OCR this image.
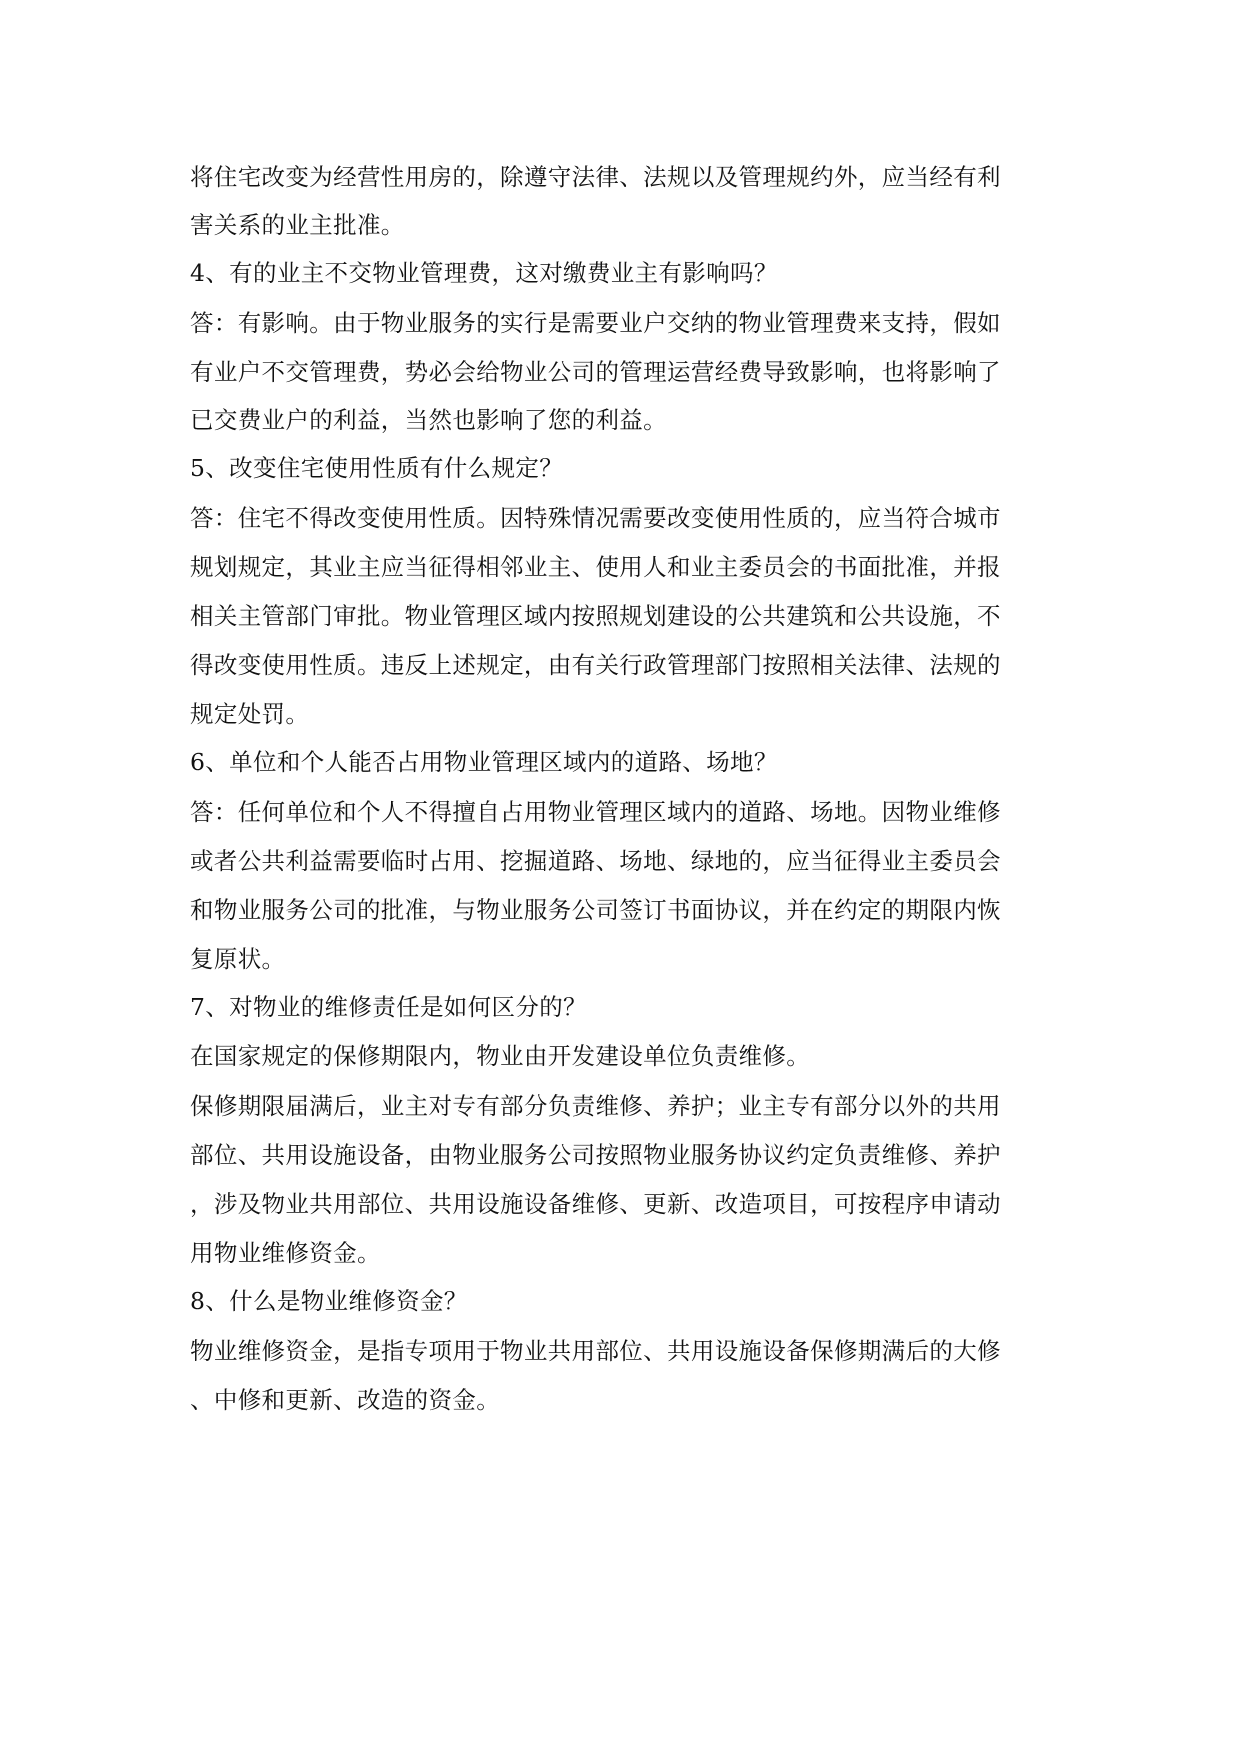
将住宅改变为经营性用房的，除遵守法律、法规以及管理规约外，应当经有利
害关系的业主批准。
4、有的业主不交物业管理费，这对缴费业主有影响吗？
答：有影响。由于物业服务的实行是需要业户交纳的物业管理费来支持，假如
有业户不交管理费，势必会给物业公司的管理运营经费导致影响，也将影响了
已交费业户的利益，当然也影响了您的利益。
5、改变住宅使用性质有什么规定？
答：住宅不得改变使用性质。因特殊情况需要改变使用性质的，应当符合城市
规划规定，其业主应当征得相邻业主、使用人和业主委员会的书面批准，并报
相关主管部门审批。物业管理区域内按照规划建设的公共建筑和公共设施，不
得改变使用性质。违反上述规定，由有关行政管理部门按照相关法律、法规的
规定处罚。
6、单位和个人能否占用物业管理区域内的道路、场地？
答：任何单位和个人不得擅自占用物业管理区域内的道路、场地。因物业维修
或者公共利益需要临时占用、挖掘道路、场地、绿地的，应当征得业主委员会
和物业服务公司的批准，与物业服务公司签订书面协议，并在约定的期限内恢
复原状。
7、对物业的维修责任是如何区分的？
在国家规定的保修期限内，物业由开发建设单位负责维修。
保修期限届满后，业主对专有部分负责维修、养护；业主专有部分以外的共用
部位、共用设施设备，由物业服务公司按照物业服务协议约定负责维修、养护
，涉及物业共用部位、共用设施设备维修、更新、改造项目，可按程序申请动
用物业维修资金。
8、什么是物业维修资金？
物业维修资金，是指专项用于物业共用部位、共用设施设备保修期满后的大修
、中修和更新、改造的资金。
